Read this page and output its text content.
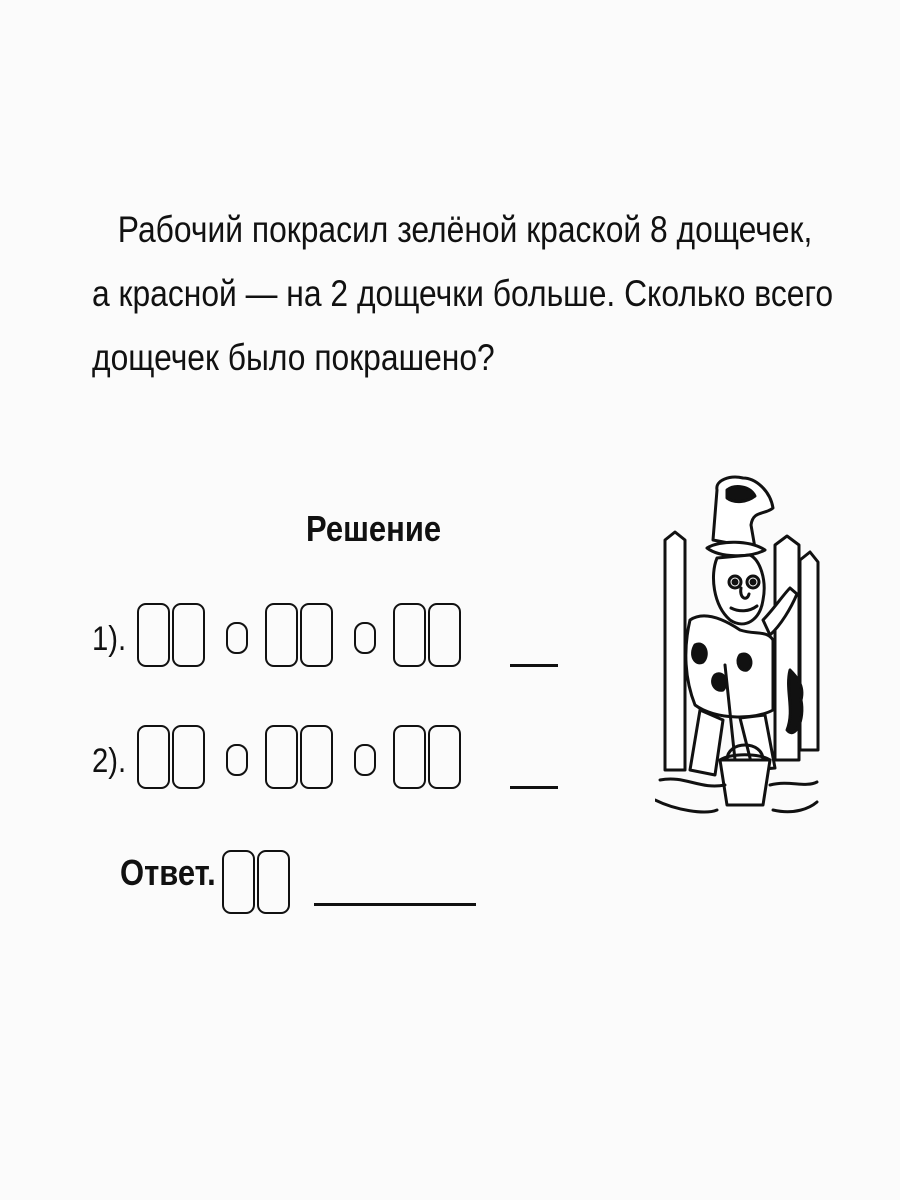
Рабочий покрасил зелёной краской 8 дощечек,
а красной — на 2 дощечки больше. Сколько всего
дощечек было покрашено?
Решение
1).
2).
Ответ.
